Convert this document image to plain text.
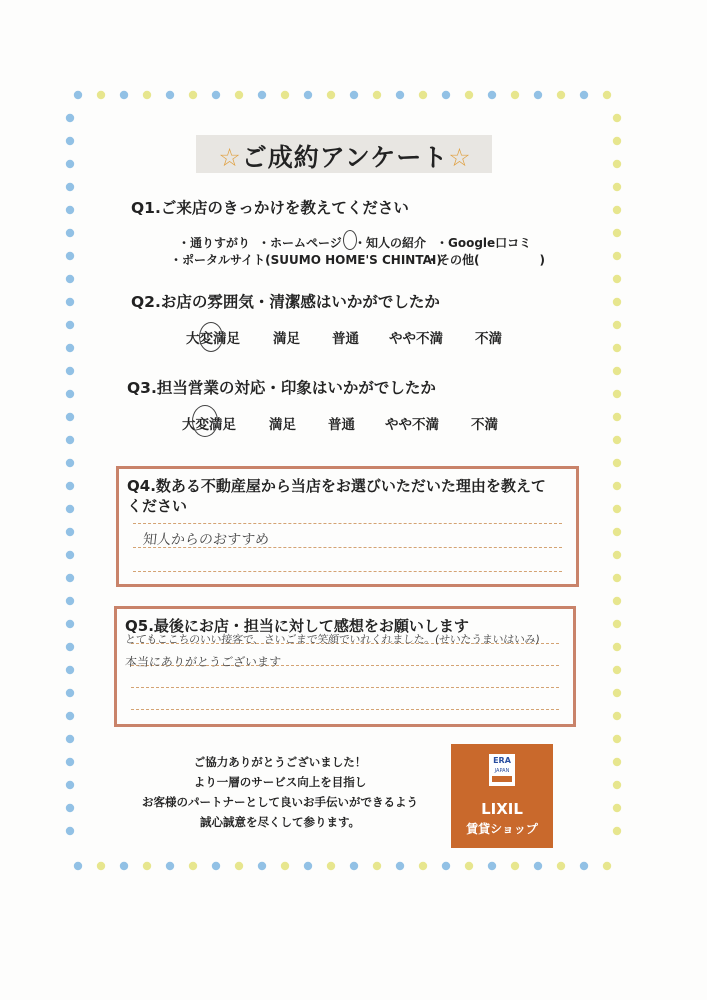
☆ご成約アンケート☆
Q1.ご来店のきっかけを教えてください
・通りすがり ・ホームページ ・知人の紹介 ・Google口コミ
・ポータルサイト(SUUMO HOME'S CHINTAI)
・その他(　　　　　)
Q2.お店の雰囲気・清潔感はいかがでしたか
大変満足 満足 普通 やや不満 不満
Q3.担当営業の対応・印象はいかがでしたか
大変満足 満足 普通 やや不満 不満
Q4.数ある不動産屋から当店をお選びいただいた理由を教えて
ください
知人からのおすすめ
Q5.最後にお店・担当に対して感想をお願いします
とてもここちのいい接客で、さいごまで笑顔でいれくれました。(せいたうまいはいみ)
本当にありがとうございます
ご協力ありがとうございました！
より一層のサービス向上を目指し
お客様のパートナーとして良いお手伝いができるよう
誠心誠意を尽くして参ります。
ERA
JAPAN
LIXIL
賃貸ショップ
